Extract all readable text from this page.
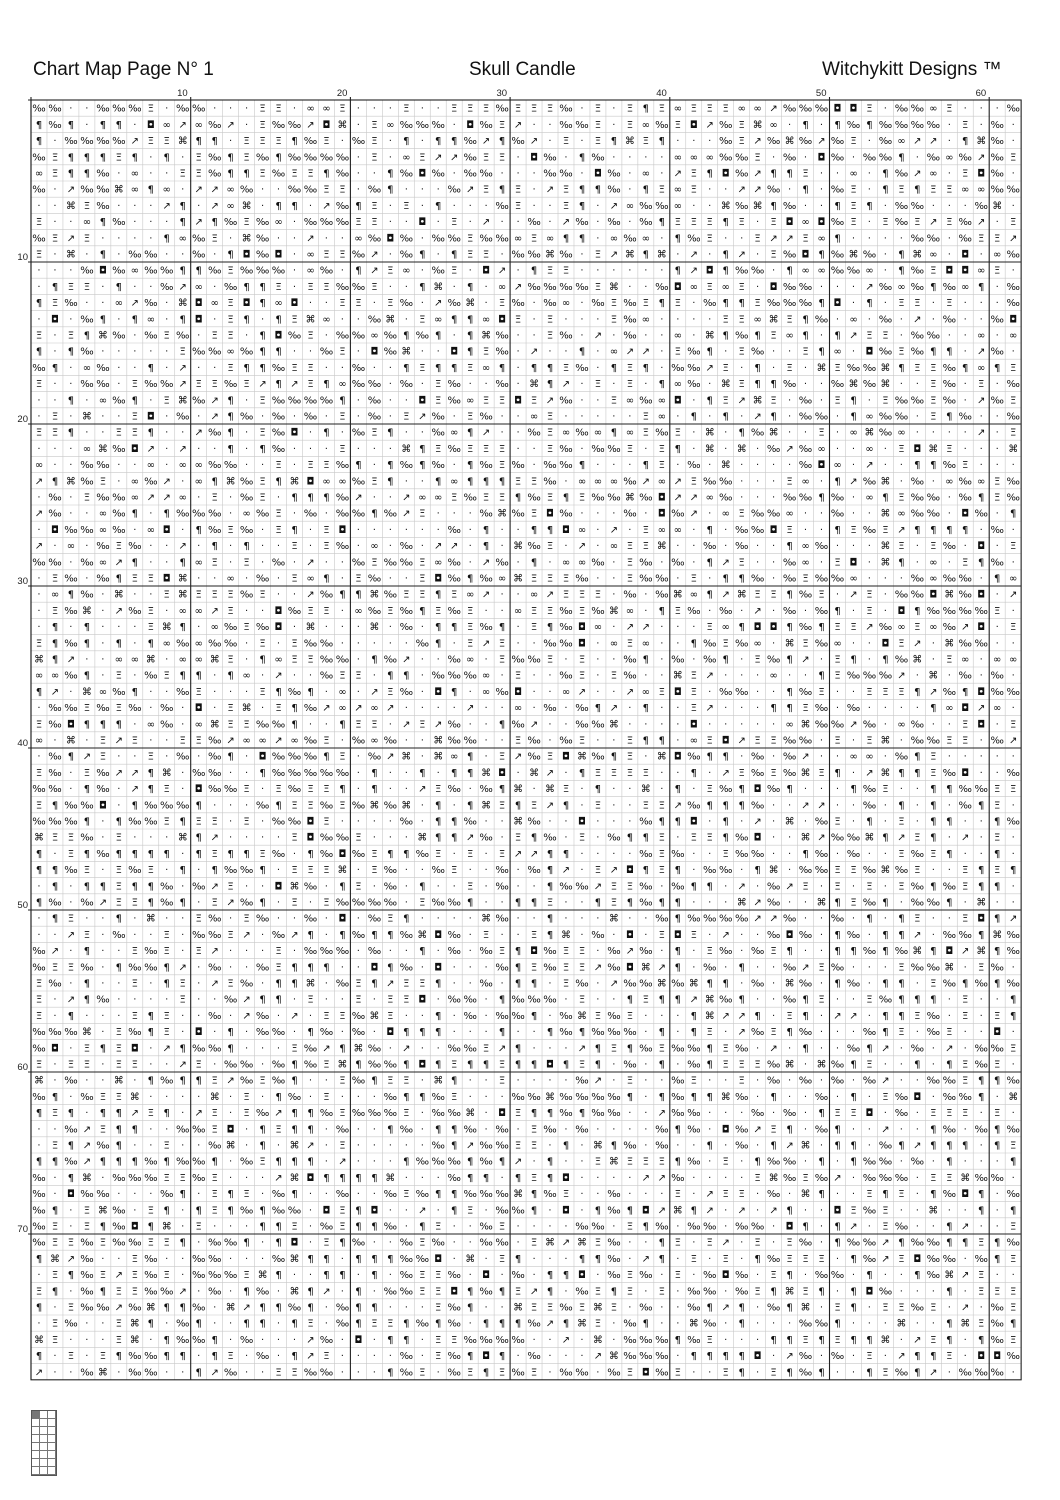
Chart Map Page N° 1	Skull Candle	Witchykitt Designs ™
‰ ‰ · · ‰ ‰ ‰ Ξ · ‰ ‰ · · · Ξ Ξ · ∞ ∞ Ξ · · · Ξ · · Ξ Ξ Ξ ‰ Ξ Ξ Ξ ‰ · Ξ · Ξ ¶ Ξ ∞ Ξ Ξ Ξ ∞ ∞ ↗ ‰ ‰ ‰ ◘ ◘ Ξ · ‰ ‰ ∞ Ξ · · · ‰
¶ ‰ ¶ · ¶ ¶ · ◘ ∞ ↗ ∞ ‰ ↗ · Ξ ‰ ‰ ↗ ◘ ⌘ · Ξ ∞ ‰ ‰ ‰ · ◘ ‰ Ξ ↗ · · ‰ ‰ Ξ · Ξ ∞ ‰ Ξ ◘ ↗ ‰ Ξ ⌘ ∞ · ¶ · ¶ ‰ ¶ ‰ ‰ ‰ ‰ · Ξ · ‰ ·
¶ · ‰ ‰ ‰ ‰ ↗ Ξ Ξ ⌘ ¶ ¶ · Ξ Ξ Ξ ¶ ‰ Ξ · ‰ Ξ · ¶ · ¶ ¶ ‰ ↗ ¶ ‰ ↗ · Ξ · Ξ ¶ ⌘ Ξ ¶ · · · ‰ Ξ ↗ ‰ ⌘ ‰ ↗ ‰ Ξ · ‰ ∞ ↗ ↗ · ¶ ⌘ ‰ ·
‰ Ξ ¶ ¶ ¶ Ξ ¶ · ¶ · Ξ ‰ ¶ Ξ ‰ ¶ ‰ ‰ ‰ ‰ · Ξ · ∞ Ξ ↗ ↗ ‰ Ξ Ξ · ◘ ‰ · ¶ ‰ · · · · ∞ ∞ ∞ ‰ ‰ Ξ · ‰ · ◘ ‰ · ‰ ‰ ¶ · ‰ ∞ ‰ ↗ ‰ Ξ
∞ Ξ ¶ ¶ ‰ · ∞ · · Ξ Ξ ‰ ¶ ¶ Ξ ‰ Ξ Ξ ¶ ‰ · · ¶ ‰ ◘ ‰ · ‰ ‰ · · · ‰ ‰ · ◘ ‰ · ∞ · ↗ Ξ ¶ ◘ ‰ ↗ ¶ ¶ Ξ · · ∞ · ¶ ‰ ↗ ∞ · Ξ ◘ ‰ ·
‰ · ↗ ‰ ‰ ⌘ ∞ ¶ ∞ · ↗ ↗ ∞ ‰ · · ‰ ‰ Ξ Ξ · ‰ ¶ · · · ‰ ↗ Ξ ¶ Ξ · ↗ Ξ ¶ ¶ ‰ · ¶ Ξ ∞ Ξ · · ↗ ↗ ‰ · ¶ · ‰ Ξ · ¶ Ξ ¶ Ξ Ξ ∞ ∞ ‰ ‰
· · ⌘ Ξ ‰ · · · ↗ ¶ · ↗ ∞ ⌘ · ¶ ¶ · ↗ ‰ ¶ Ξ · Ξ · ¶ · · · ‰ Ξ · · Ξ ¶ · ↗ ∞ ‰ ‰ ∞ · · ⌘ ‰ ⌘ ¶ ‰ · · ¶ Ξ ¶ · ‰ ‰ · · · ‰ ⌘ ·
Ξ · · ∞ ¶ ‰ · · · ¶ ↗ ¶ ‰ Ξ ‰ ∞ · ‰ ‰ ‰ Ξ Ξ · · ◘ · Ξ · ↗ · · ‰ · ↗ ‰ · ‰ · ‰ ¶ Ξ Ξ Ξ ¶ Ξ · Ξ ◘ ∞ ◘ ‰ Ξ · Ξ ‰ Ξ ↗ Ξ ‰ ↗ · Ξ
‰ Ξ ↗ Ξ · · · · ¶ ∞ ‰ Ξ · ⌘ ‰ · · ↗ · · ∞ ‰ ◘ ‰ · ‰ ‰ Ξ ‰ ‰ ∞ Ξ ∞ ¶ ¶ · ∞ ‰ ∞ · ¶ ‰ Ξ · · Ξ ↗ ↗ Ξ ∞ ¶ · · · · ‰ ‰ · ‰ Ξ Ξ ↗
Ξ · ⌘ · ¶ · ‰ ‰ · · ‰ · ¶ ◘ ‰ ◘ · ∞ Ξ Ξ ‰ ↗ · ‰ ¶ · ¶ Ξ Ξ · ‰ ‰ ⌘ ‰ · Ξ ↗ ⌘ ¶ ⌘ · ↗ · ¶ ↗ · Ξ ‰ ◘ ¶ ‰ ⌘ ‰ · ¶ ⌘ ∞ · ◘ · ∞ ‰
· · · ‰ ◘ ‰ ∞ ‰ ‰ ¶ ¶ ‰ Ξ ‰ ‰ ‰ · ∞ ‰ · ¶ ↗ Ξ ∞ · ‰ Ξ · ◘ ↗ · ¶ Ξ Ξ · · · · · · ¶ ↗ ◘ ¶ ‰ ‰ · ¶ ∞ ∞ ‰ ‰ ∞ · ¶ ‰ Ξ ◘ ◘ ∞ Ξ ·
· ¶ Ξ Ξ · ¶ · · ‰ ↗ ∞ · ‰ ¶ ¶ Ξ · Ξ Ξ ‰ ‰ Ξ · · ¶ ⌘ · ¶ · ∞ ↗ ‰ ‰ ‰ ‰ Ξ ⌘ · · ‰ ◘ ∞ Ξ ∞ Ξ · ◘ ‰ ‰ · · · ↗ ‰ ∞ ‰ ¶ ‰ ∞ ¶ · ‰
¶ Ξ ‰ · · ∞ ↗ ‰ · ⌘ ◘ ∞ Ξ ◘ ¶ ∞ ◘ · · Ξ Ξ · Ξ ‰ · ↗ ‰ ⌘ · Ξ ‰ · ‰ ∞ · ‰ Ξ ‰ Ξ ¶ Ξ · ‰ ¶ ¶ Ξ ‰ ‰ ‰ ¶ ◘ · ¶ · Ξ Ξ · Ξ · · · ‰
· ◘ · ‰ ¶ · ¶ ∞ · ¶ ◘ · Ξ ¶ · ¶ Ξ ⌘ ∞ · · ‰ ⌘ · Ξ ∞ ¶ ¶ ∞ ◘ Ξ · Ξ · · · Ξ ‰ ∞ · · · · Ξ Ξ ∞ ⌘ Ξ ¶ ‰ · ∞ · ‰ · ↗ · ‰ · · ‰ ◘
Ξ · Ξ ¶ ⌘ ‰ · ‰ Ξ ‰ · Ξ Ξ · ¶ ◘ ‰ Ξ · ‰ ‰ ∞ ‰ ¶ ‰ ¶ · ¶ ⌘ ‰ · · Ξ ‰ · ↗ · ‰ · · ∞ · ⌘ ¶ ‰ ¶ Ξ ∞ ¶ · ¶ ↗ Ξ Ξ · ‰ ‰ · · ∞ · ∞
¶ · ¶ ‰ · · · · · Ξ ‰ ‰ ∞ ‰ ¶ ¶ · · ‰ Ξ · ◘ ‰ ⌘ · · ◘ ¶ Ξ ‰ · ↗ · · ¶ · ∞ ↗ ↗ · Ξ ‰ ¶ · Ξ ‰ · · Ξ ¶ ∞ · ◘ ‰ Ξ ‰ ¶ ¶ · ↗ ‰ ·
‰ ¶ · ∞ ‰ · · ¶ · ↗ · · Ξ ¶ ¶ ‰ Ξ Ξ · · ‰ · · ¶ Ξ ¶ ¶ Ξ ∞ ¶ · ¶ ¶ Ξ ‰ · ¶ Ξ ¶ · ‰ ‰ ↗ Ξ · ¶ · Ξ · ⌘ Ξ ‰ ‰ ⌘ ¶ Ξ Ξ ‰ ¶ ∞ ¶ Ξ
Ξ · · ‰ ‰ · Ξ ‰ ‰ ↗ Ξ Ξ ‰ Ξ ↗ ¶ ↗ Ξ ¶ ∞ ‰ ‰ · ‰ · Ξ ‰ · · ‰ · ⌘ ¶ ↗ · Ξ · Ξ · ¶ ∞ ‰ · ⌘ Ξ ¶ ¶ ‰ · · ‰ ⌘ ‰ ⌘ · · Ξ ‰ · Ξ · ‰
· · ¶ · ∞ ‰ ¶ · Ξ ⌘ ‰ ↗ ¶ · Ξ ‰ ‰ ‰ ‰ ¶ · ‰ · · ◘ Ξ ‰ ∞ Ξ Ξ ◘ Ξ ↗ ‰ · · Ξ ∞ ‰ ∞ ◘ · ¶ Ξ ↗ ⌘ Ξ · ‰ · Ξ ¶ · Ξ ‰ ‰ Ξ ‰ · ↗ ‰ Ξ
· Ξ · ⌘ · · Ξ ◘ · ‰ · ↗ ¶ ‰ · ‰ · ‰ · Ξ · ‰ · Ξ ↗ ‰ · Ξ ‰ · · ∞ Ξ · · · · · Ξ ∞ · ¶ · ¶ · ↗ ¶ · ‰ ‰ · ¶ ∞ ‰ ‰ · Ξ ¶ ‰ · · ‰
Ξ Ξ ¶ · · Ξ Ξ ¶ · · ↗ ‰ ¶ · Ξ ‰ ◘ · ¶ · ‰ Ξ ¶ · · ‰ ∞ ¶ ↗ · · ‰ Ξ ∞ ‰ ∞ ¶ ∞ Ξ ‰ Ξ · ⌘ · ¶ ‰ ⌘ · · Ξ · ∞ ⌘ ‰ ∞ · · · · ↗ · Ξ
· · · ∞ ⌘ ‰ ◘ ↗ · ↗ · · ¶ · ¶ ‰ · · · Ξ · · · ⌘ ¶ Ξ ‰ Ξ Ξ Ξ · · Ξ ‰ · ‰ ‰ Ξ · Ξ ¶ · ⌘ · ⌘ · ‰ ↗ ‰ ∞ · · ∞ · Ξ ◘ ⌘ Ξ · · · ⌘
∞ · · ‰ ‰ · · ∞ · ∞ ∞ ‰ ‰ · · Ξ · Ξ Ξ ‰ ¶ · ¶ ‰ ¶ ‰ · ¶ ‰ Ξ ‰ · ‰ ‰ ¶ · · · ¶ Ξ · ‰ · ⌘ · · · · ‰ ◘ ∞ · ↗ · · ¶ ¶ ‰ Ξ · · ·
↗ ¶ ⌘ ‰ Ξ · ∞ ‰ ↗ · ∞ ¶ ⌘ ‰ Ξ ¶ ⌘ ◘ ∞ ∞ ‰ Ξ ¶ · · ¶ ∞ ¶ ¶ ¶ Ξ Ξ ‰ · ∞ ∞ ∞ ‰ ↗ ∞ ↗ Ξ ‰ ‰ · · · Ξ ∞ · ¶ ↗ ‰ ⌘ · ‰ · ∞ ‰ ∞ Ξ ‰
· ‰ · Ξ ‰ ‰ ∞ ↗ ↗ ∞ · Ξ · ‰ Ξ · ¶ ¶ ¶ ‰ ↗ · · ↗ ∞ ∞ Ξ ‰ Ξ Ξ ¶ ‰ Ξ ¶ Ξ ‰ ‰ ⌘ ‰ ◘ ↗ ↗ ∞ ‰ · · · ‰ ‰ ¶ ‰ · ∞ ¶ Ξ ‰ ‰ · ‰ ¶ Ξ ‰
↗ ‰ · · ∞ ‰ ¶ · ¶ ‰ ‰ ‰ · ∞ ‰ Ξ · ‰ · ‰ ‰ ¶ ‰ ↗ Ξ · · · ‰ ⌘ ‰ Ξ ◘ ‰ · · · ‰ · ◘ ‰ ↗ · ∞ Ξ ‰ ‰ ∞ · · ‰ · · ⌘ ∞ ‰ ‰ · ◘ ‰ · ¶
· ◘ ‰ ‰ ∞ ‰ · ∞ ◘ · ¶ ‰ Ξ ‰ · Ξ ¶ · Ξ ◘ · · · · · · ‰ · ¶ · · ¶ ¶ ◘ ∞ · ↗ · Ξ ∞ ∞ · ¶ · ‰ ‰ ◘ Ξ · · ¶ Ξ ‰ Ξ ↗ ¶ ¶ ¶ ¶ · ‰ ·
↗ · ∞ · ‰ Ξ ‰ · · ↗ · ¶ · ¶ · · Ξ · Ξ ‰ · ∞ · ‰ · ↗ ↗ · ¶ · ⌘ ‰ Ξ · ↗ · ∞ Ξ Ξ ⌘ · · ‰ · ‰ · · ¶ ∞ ‰ · · · ⌘ Ξ · Ξ ‰ · ◘ · Ξ
‰ ‰ · ‰ ∞ ↗ ¶ · · ¶ ∞ Ξ · Ξ · ‰ · ↗ · · ‰ Ξ ‰ ‰ Ξ ∞ ‰ · ↗ ‰ · ¶ · ∞ ∞ ‰ · Ξ ‰ · ‰ · ¶ ↗ Ξ · · ‰ ∞ · Ξ ◘ · ⌘ ¶ · ∞ · Ξ ¶ ‰ ·
· Ξ ‰ · ‰ ¶ Ξ Ξ ◘ ⌘ · · ∞ · ‰ · Ξ ∞ ¶ · Ξ ‰ · · Ξ ◘ ‰ ¶ ‰ ∞ ⌘ Ξ Ξ Ξ ‰ · · Ξ ‰ ‰ · Ξ · ¶ ¶ ‰ · ‰ Ξ ‰ ‰ ∞ · · · ‰ ∞ ‰ ‰ · ¶ ∞
· ∞ ¶ ‰ · ⌘ · · Ξ ⌘ Ξ Ξ Ξ ‰ Ξ · · ↗ ‰ ¶ ¶ ⌘ ‰ Ξ Ξ ¶ Ξ ∞ ↗ · · ∞ ↗ Ξ Ξ Ξ · ‰ · ‰ ⌘ ∞ ¶ ↗ ⌘ Ξ Ξ ¶ ‰ Ξ · ↗ Ξ · ‰ ‰ ◘ ⌘ ‰ ◘ · ↗
· Ξ ‰ ⌘ · ↗ ‰ Ξ · ∞ ∞ ↗ Ξ · · ◘ ‰ Ξ Ξ · ∞ ‰ Ξ ‰ ¶ Ξ ‰ Ξ · · ∞ Ξ Ξ ‰ Ξ ‰ ⌘ ∞ · ¶ Ξ ‰ · ‰ · ↗ · ‰ · ‰ ¶ · Ξ · ◘ ¶ ‰ ‰ ‰ ‰ Ξ ·
· ¶ · ¶ · · · Ξ ⌘ ¶ · ∞ ‰ Ξ ‰ ◘ · ⌘ · · · ⌘ · ‰ · ¶ ¶ Ξ ‰ ¶ · Ξ ¶ ‰ ◘ ∞ · ↗ ↗ · · · Ξ ∞ ¶ ◘ ◘ ¶ ‰ ¶ Ξ Ξ ↗ ‰ ∞ Ξ ∞ ‰ ↗ ◘ · Ξ
Ξ ¶ ‰ ¶ · ¶ · ¶ ∞ ‰ ∞ ‰ ‰ · Ξ · Ξ ‰ ‰ · · · · · ‰ ¶ · Ξ ↗ Ξ · · ‰ ‰ ◘ · ∞ Ξ ∞ · · ¶ ‰ Ξ ‰ ∞ · ⌘ Ξ ‰ ∞ · · ◘ Ξ ↗ · ⌘ ‰ ‰ · ·
⌘ ¶ ↗ · · ∞ ∞ ⌘ · ∞ ∞ ⌘ Ξ · ¶ ∞ Ξ Ξ ‰ ‰ · ¶ ‰ ↗ · · ‰ ∞ · Ξ ‰ ‰ Ξ · Ξ · · ‰ ¶ · ‰ · ‰ ¶ · Ξ ‰ ¶ ↗ · Ξ ¶ · ¶ ‰ ⌘ · Ξ ∞ · ∞ ∞
∞ ∞ ‰ ¶ · Ξ · ‰ Ξ ¶ ¶ · ¶ ∞ · ↗ · · ‰ Ξ Ξ · ¶ ¶ · ‰ ‰ ‰ ∞ · Ξ · · ‰ Ξ · Ξ ‰ · · ⌘ Ξ ↗ · · · ∞ · · ¶ Ξ ‰ ‰ ‰ ↗ · ⌘ · ‰ · ‰ ·
¶ ↗ · ⌘ ∞ ‰ ¶ · · ‰ Ξ · · · Ξ ¶ ‰ ¶ · ∞ · ↗ Ξ ‰ · ◘ ¶ · ∞ ‰ ◘ · · ∞ ↗ · · ↗ ∞ Ξ ◘ Ξ · ‰ ‰ · · ¶ ‰ Ξ · · Ξ Ξ Ξ ¶ ↗ ‰ ¶ ◘ ‰ ‰
· ‰ ‰ Ξ ‰ Ξ ‰ · ‰ · ◘ · Ξ ⌘ · Ξ ¶ ‰ ↗ ∞ ↗ ∞ ↗ · · · · ↗ · · ∞ · ‰ · ‰ ¶ ↗ · ¶ · · Ξ ↗ · · · ¶ ¶ Ξ ‰ · ‰ · · · · ¶ ∞ ◘ ↗ ∞ ·
Ξ ‰ ◘ ¶ ¶ ¶ · ∞ ‰ · ∞ ⌘ Ξ Ξ ‰ ‰ ¶ · · ¶ Ξ Ξ · ↗ Ξ ↗ ‰ · · ¶ ‰ ↗ · · ‰ ‰ ⌘ · · · · ◘ · · · · · ∞ ⌘ ‰ ‰ ↗ ‰ · ∞ ‰ · · Ξ ◘ · Ξ
∞ · ⌘ · Ξ ↗ Ξ · · Ξ Ξ ‰ ↗ ∞ ∞ ↗ ∞ ‰ Ξ · ‰ ∞ ‰ · · ⌘ ‰ ‰ · · Ξ ‰ · ‰ Ξ · · Ξ ¶ ¶ · ∞ Ξ ◘ ↗ Ξ Ξ ‰ ‰ · Ξ · Ξ ⌘ · ‰ ‰ Ξ Ξ · ‰ ↗
· ‰ ¶ ↗ Ξ · · Ξ · ‰ · ‰ ¶ · ◘ ‰ ‰ ‰ ¶ Ξ · ‰ ↗ ⌘ · ⌘ ∞ ¶ · Ξ ↗ ‰ Ξ ◘ ⌘ ‰ ¶ Ξ · ⌘ ◘ ‰ ¶ ¶ · ‰ · ‰ ↗ · · ∞ ∞ · ‰ ¶ Ξ · · · · ·
Ξ ‰ · Ξ ‰ ↗ ↗ ¶ ⌘ · ‰ ‰ · · ¶ ‰ ‰ ‰ ‰ ‰ · ¶ · · ¶ · ¶ ¶ ⌘ ◘ · ⌘ ↗ · ¶ Ξ Ξ Ξ Ξ · · ¶ · ↗ Ξ ‰ Ξ ‰ ⌘ Ξ ¶ · ↗ ⌘ ¶ ¶ Ξ ‰ ◘ · · ‰
‰ ‰ · ¶ ‰ · ↗ ¶ Ξ · ◘ ‰ ‰ Ξ · Ξ ‰ Ξ Ξ ¶ · ¶ · · ↗ Ξ ‰ · ‰ ¶ ⌘ · ⌘ Ξ · ¶ · · ⌘ · ¶ · Ξ ‰ ¶ ◘ ‰ ¶ · · · ¶ ‰ Ξ · · ¶ ¶ ‰ ‰ Ξ Ξ
Ξ ¶ ‰ ‰ ◘ · ¶ ‰ ‰ ‰ ¶ · · · ‰ ¶ Ξ Ξ ‰ Ξ ‰ ⌘ ‰ ⌘ · ¶ · ¶ ⌘ Ξ ¶ Ξ ↗ ¶ · Ξ · · Ξ Ξ ↗ ‰ ¶ ¶ ¶ ‰ · · ↗ ↗ · · ‰ · ¶ · ¶ · ‰ ¶ Ξ ·
‰ ‰ ‰ ¶ · ¶ ‰ ‰ Ξ ¶ Ξ Ξ · Ξ · ‰ ‰ ◘ Ξ · · · · ‰ · ¶ ¶ ‰ · · ⌘ ‰ · · ◘ · · · ‰ ¶ ¶ ◘ · ¶ · ↗ · ⌘ · ‰ Ξ · ¶ · Ξ · ¶ ¶ · · ¶ ‰
⌘ Ξ Ξ ‰ · Ξ · · · ⌘ ¶ ↗ · · · · Ξ ◘ ‰ ‰ Ξ · · · ⌘ ¶ ¶ ↗ ‰ · Ξ ¶ ‰ · Ξ · ‰ ¶ ¶ Ξ · Ξ Ξ ¶ ‰ ◘ · · ⌘ ↗ ‰ ‰ ⌘ ¶ ↗ Ξ ¶ · ↗ · Ξ ·
¶ · Ξ ¶ ‰ ¶ ¶ ¶ ¶ · ¶ Ξ ¶ ¶ Ξ ‰ · ¶ ‰ ◘ ‰ Ξ ¶ ¶ ‰ Ξ · Ξ · Ξ ↗ ↗ ¶ ¶ · · · · ‰ Ξ ‰ · · Ξ ‰ ‰ · · ¶ ‰ · ‰ · · Ξ ‰ Ξ ¶ · · ¶ ·
¶ ¶ ‰ Ξ · Ξ ‰ Ξ · ¶ · ¶ ‰ ‰ ¶ · Ξ Ξ Ξ ⌘ · Ξ ‰ · · ‰ Ξ · · ‰ · ‰ ¶ ↗ · Ξ ↗ ◘ ¶ Ξ ¶ · ‰ ‰ · ¶ ⌘ · ‰ ‰ Ξ Ξ ‰ ⌘ ‰ Ξ · · Ξ ¶ Ξ ¶
· ¶ · ¶ ¶ Ξ ¶ ¶ ‰ · ‰ ↗ Ξ · · ◘ ⌘ ‰ · ¶ Ξ · ‰ · ¶ · · Ξ · ‰ · · ¶ ‰ ‰ ↗ Ξ Ξ ‰ · ‰ ¶ ¶ · ↗ · ‰ ↗ Ξ · Ξ · Ξ · Ξ ‰ ¶ ‰ Ξ ¶ ¶ ·
¶ ‰ · ‰ ↗ Ξ Ξ ¶ ‰ ¶ · Ξ ↗ ‰ ¶ · Ξ · Ξ ‰ ‰ ‰ ‰ · Ξ ‰ ‰ ¶ · · ¶ ¶ Ξ · · ¶ Ξ ¶ ‰ ¶ ¶ · · · ⌘ ↗ ‰ · · ⌘ ¶ Ξ ‰ ¶ · ‰ ‰ ¶ · ⌘ · ·
· ¶ Ξ · · ¶ · ⌘ · · Ξ ‰ · Ξ ‰ · · ‰ · ◘ · ‰ Ξ ¶ · · · · ⌘ ‰ · · ¶ · · · ⌘ · · ‰ ¶ ‰ ‰ ‰ ‰ ↗ ↗ ‰ · · ‰ · ¶ · ¶ Ξ · · Ξ ◘ ¶ ↗
· · ↗ Ξ · ‰ · · Ξ · ‰ ‰ Ξ ↗ · ‰ ↗ ¶ · ¶ ‰ ¶ ¶ ‰ ⌘ ◘ ‰ · Ξ · · Ξ ¶ ⌘ · ‰ · ◘ · Ξ ◘ Ξ · ↗ · · ‰ ◘ ‰ · ¶ ‰ · ¶ ¶ ↗ · ‰ ‰ ¶ ⌘ ‰
‰ ↗ · ¶ · · Ξ ‰ Ξ · Ξ ↗ · · · Ξ · ‰ ‰ ‰ · ‰ · · ¶ · ‰ · ‰ Ξ ¶ ◘ ‰ Ξ Ξ · ‰ ↗ ‰ · ¶ · Ξ ‰ · ‰ Ξ ¶ · · ¶ ¶ ‰ ¶ ‰ ⌘ ¶ ◘ ↗ ⌘ ¶ ‰
‰ Ξ Ξ ‰ · ¶ ‰ ‰ ¶ ↗ · ‰ · · ‰ Ξ ¶ ¶ ¶ · · ◘ ¶ ‰ · ◘ · · · ‰ ¶ Ξ ‰ Ξ Ξ ↗ ‰ ◘ ⌘ ↗ ¶ · ‰ · ¶ · · ‰ ↗ Ξ ‰ · · · Ξ ‰ ‰ ⌘ · Ξ ‰ ·
Ξ ‰ · ¶ · · Ξ · ¶ Ξ · ↗ Ξ ‰ · ¶ ¶ ⌘ · ‰ Ξ ¶ ↗ Ξ Ξ ¶ · · ‰ · ¶ ¶ · Ξ ‰ · ↗ ‰ ‰ ⌘ ‰ ⌘ ¶ ¶ · ‰ · ⌘ ‰ · ¶ ‰ · ¶ ¶ · Ξ ‰ ¶ ‰ ¶ ‰
Ξ · ↗ ¶ ‰ · · · · Ξ · · ‰ ↗ ¶ ¶ · Ξ · · Ξ · Ξ Ξ ◘ · ‰ ‰ · ¶ ‰ ‰ ‰ · Ξ · · ¶ Ξ ¶ ¶ ↗ ⌘ ‰ ¶ · · ‰ ¶ Ξ · · Ξ ‰ ¶ ¶ ¶ · Ξ · · ¶
Ξ · ¶ · · · Ξ ¶ Ξ · · ‰ · ↗ ‰ · ↗ · Ξ Ξ ‰ ⌘ Ξ · · ¶ · ‰ · ‰ ‰ ¶ · ‰ ⌘ Ξ ‰ Ξ · · · ¶ ⌘ ↗ ↗ ¶ · Ξ ¶ · ↗ ↗ · ¶ ¶ Ξ ‰ · Ξ · Ξ ¶
‰ ‰ ‰ ⌘ · Ξ ‰ ¶ Ξ · ◘ · ¶ · ‰ ‰ · ¶ ‰ · ‰ · ◘ ¶ ¶ ¶ · · · ¶ · · ¶ ‰ ¶ ‰ ‰ ‰ · ¶ · ¶ Ξ · ↗ ‰ Ξ ¶ ‰ · · · ‰ ¶ Ξ · ‰ Ξ · · ◘ ·
‰ ◘ · Ξ ¶ Ξ ◘ · ↗ ¶ ‰ ‰ ¶ · · · Ξ ‰ ↗ ¶ ⌘ ‰ · ↗ · · ‰ ‰ Ξ ↗ ¶ · · · ↗ ¶ Ξ ¶ ‰ Ξ ‰ ‰ ¶ Ξ ‰ · ↗ · ¶ · · ‰ ¶ ↗ · ‰ · ↗ · ‰ ‰ Ξ
Ξ · Ξ Ξ · Ξ Ξ · · ↗ Ξ · ‰ ‰ · ‰ ¶ ‰ Ξ ⌘ ¶ ‰ ‰ ¶ ◘ ¶ Ξ ¶ ¶ Ξ ¶ ¶ ◘ ¶ Ξ ¶ · ‰ · ¶ · ‰ ¶ Ξ Ξ Ξ ‰ ⌘ · ⌘ ‰ ¶ Ξ · · ¶ · ¶ Ξ ‰ Ξ ·
⌘ · ‰ · · ⌘ · ¶ ‰ ¶ ¶ Ξ ↗ ‰ Ξ ‰ ¶ · · Ξ ‰ ¶ Ξ Ξ · ⌘ ¶ · · Ξ · · · · ‰ ↗ · Ξ · · ‰ Ξ · · Ξ · ‰ · ‰ · ‰ · ‰ ↗ · · ‰ ‰ Ξ ¶ ¶ ‰
‰ ¶ · ‰ Ξ Ξ ⌘ · · · · ⌘ · Ξ · ¶ ‰ · Ξ · · · ‰ ¶ ¶ ‰ Ξ · · · ‰ ‰ ⌘ ‰ ‰ ‰ ‰ ¶ · ¶ ‰ ¶ ¶ ⌘ ‰ · ¶ · · ‰ · ¶ · Ξ ‰ ◘ · ‰ ‰ ¶ · ⌘
¶ Ξ ¶ · ¶ ¶ ↗ Ξ ¶ · ↗ Ξ · Ξ ‰ ↗ ¶ ¶ ‰ Ξ ‰ ‰ ‰ Ξ · ‰ ‰ ⌘ · ◘ Ξ ¶ ¶ ‰ ¶ ‰ ‰ · · ↗ ‰ ‰ · · · ‰ · ‰ · ¶ Ξ Ξ ◘ · ‰ · Ξ Ξ Ξ · Ξ ·
· · ‰ ↗ Ξ ¶ ¶ · · ‰ ‰ Ξ ◘ · ¶ Ξ ¶ ¶ · ‰ · · ¶ ‰ · ¶ ¶ ‰ · ‰ · Ξ ‰ · ‰ · · · · ‰ ¶ ‰ · ◘ ‰ ↗ Ξ ¶ · ‰ ¶ · · ↗ · · ¶ ‰ · ‰ ¶ ‰
· Ξ ¶ ↗ ‰ ¶ · · Ξ · · ‰ ⌘ · ¶ · ⌘ ↗ · Ξ · · · · · ‰ ¶ ↗ ‰ ‰ Ξ Ξ · ¶ · ⌘ ¶ ‰ · ‰ · · ¶ · ‰ · ¶ ↗ ⌘ · ¶ ¶ · ‰ ¶ ↗ ¶ ¶ ¶ · ¶ Ξ
¶ ¶ ‰ ↗ ¶ ¶ ¶ ‰ ¶ ‰ ‰ ¶ · ‰ Ξ ¶ ¶ ¶ · ↗ · · · ¶ ‰ ‰ ‰ ¶ ‰ ¶ ↗ · ¶ · · Ξ ⌘ Ξ Ξ Ξ ¶ ‰ · Ξ · ¶ ‰ ‰ · ¶ · ¶ ‰ ‰ · ‰ · ¶ · · · ¶
‰ · ¶ ⌘ · ‰ ‰ ‰ Ξ Ξ ‰ Ξ · · · ↗ ⌘ ◘ ¶ ¶ ¶ ¶ ⌘ · · · ‰ ¶ ¶ · ¶ Ξ ¶ ◘ · · · · ↗ ↗ ‰ · · · · Ξ ⌘ ‰ Ξ ‰ ↗ · ‰ ‰ ‰ · Ξ Ξ ⌘ ‰ ‰ ·
‰ · ◘ ‰ ‰ · · · ‰ ¶ · Ξ ¶ Ξ · ‰ ¶ · · ‰ · · ‰ Ξ ‰ ¶ ¶ ‰ ‰ ‰ ⌘ ¶ ‰ Ξ · · ‰ · · · Ξ · ↗ Ξ Ξ · ‰ · ⌘ ¶ · · Ξ ¶ Ξ · ¶ ‰ ◘ ¶ · ‰
‰ ¶ · Ξ ⌘ ‰ · Ξ ¶ · ¶ Ξ ¶ ‰ ¶ ‰ ‰ · ◘ Ξ ¶ ◘ · · ↗ · ¶ Ξ · ‰ ‰ ¶ · ◘ · ¶ ‰ ¶ ◘ ↗ ⌘ ¶ ↗ · ↗ · ↗ ¶ · · ◘ Ξ ‰ Ξ · · ⌘ · · ¶ · ¶
‰ Ξ · Ξ ¶ ‰ ◘ ¶ ⌘ · Ξ · · · ¶ ¶ Ξ · ‰ Ξ ¶ ¶ ‰ · ¶ Ξ · · ‰ Ξ · · · · ‰ ‰ · Ξ ¶ ‰ · ‰ ‰ · ‰ ‰ · ◘ ¶ · ¶ ↗ · Ξ ‰ · · ¶ ↗ · · Ξ
‰ Ξ Ξ ‰ Ξ ‰ ‰ Ξ Ξ ¶ · ‰ ‰ ¶ · ¶ ◘ · Ξ ¶ ‰ · · ‰ Ξ ‰ · · ‰ ‰ · Ξ ⌘ ↗ ⌘ Ξ ‰ · · ¶ Ξ · Ξ ↗ · Ξ · Ξ ‰ · ¶ ‰ ‰ ↗ ¶ ‰ ‰ ¶ ¶ Ξ ¶ ‰
¶ ⌘ ↗ ‰ · · Ξ ‰ · · ‰ ‰ · · · ‰ ⌘ ¶ ¶ · ¶ ¶ ¶ ‰ ‰ ◘ · ⌘ · Ξ ¶ · · · ¶ ¶ ‰ · ↗ ¶ · Ξ · Ξ · ¶ ‰ Ξ Ξ Ξ · ¶ ‰ ↗ Ξ ◘ ‰ ‰ · ‰ ¶ Ξ
· Ξ ¶ ‰ Ξ ↗ Ξ ‰ Ξ · ‰ ‰ ‰ Ξ ⌘ ¶ · · ¶ ¶ · ¶ · ‰ Ξ Ξ ‰ · ◘ · ‰ · ¶ ¶ ◘ · ‰ Ξ ‰ · Ξ · ‰ ◘ ‰ · Ξ ¶ · ‰ ‰ · ¶ · · ¶ ‰ ⌘ ↗ Ξ · ·
Ξ ¶ · ‰ ¶ Ξ Ξ ‰ ‰ ↗ · ‰ · ¶ ‰ · ⌘ ¶ ↗ · ¶ · ‰ ‰ Ξ Ξ ◘ ¶ ‰ ¶ Ξ ↗ ¶ · ‰ Ξ ¶ Ξ · Ξ · ‰ ‰ · ‰ Ξ ¶ ⌘ Ξ ¶ · ¶ ◘ ‰ · · · ¶ · Ξ Ξ Ξ
¶ · Ξ ‰ ‰ ↗ ‰ ⌘ ¶ ¶ ‰ · ⌘ ↗ ¶ ¶ ‰ ¶ · ‰ ¶ ¶ · · · Ξ ‰ ¶ · · ⌘ Ξ Ξ ‰ Ξ ⌘ Ξ · ‰ · · ‰ ¶ ↗ ¶ · ‰ ¶ ⌘ · Ξ ¶ · Ξ Ξ ‰ Ξ · ↗ · ‰ Ξ
· Ξ ‰ · · Ξ ⌘ ¶ · ‰ ¶ · · ¶ ¶ · ¶ Ξ · ‰ ¶ Ξ Ξ ¶ ‰ ¶ ‰ · ¶ ¶ ¶ ‰ ↗ ¶ ⌘ Ξ · ‰ ¶ · · ⌘ ‰ · ¶ · · · ‰ ‰ ¶ · · · ⌘ · · ¶ ⌘ Ξ ‰ ¶
⌘ Ξ · · · Ξ ⌘ · ¶ ‰ ‰ ¶ · ‰ · · · ↗ ‰ · ◘ · ¶ ¶ · Ξ Ξ ‰ ‰ ‰ ‰ · · ↗ · ⌘ · ‰ ‰ ‰ ¶ ‰ Ξ · · · ¶ ¶ Ξ ¶ Ξ ¶ ¶ ⌘ · ↗ Ξ ¶ · ¶ ‰ Ξ
¶ · Ξ · Ξ ¶ ‰ ‰ ¶ ¶ · ¶ Ξ · ‰ · ¶ ↗ Ξ · · · · ‰ · Ξ ‰ ¶ ◘ ¶ · ‰ · · · ↗ ⌘ ‰ ‰ ‰ · ¶ ¶ ¶ ¶ ◘ · ↗ ‰ · ‰ · Ξ · ↗ ¶ ¶ Ξ · ◘ ◘ ‰
↗ · · ‰ ⌘ · ‰ ‰ · · ¶ ↗ ‰ · · Ξ Ξ ‰ ‰ · · · ¶ ‰ Ξ · ‰ Ξ ¶ Ξ ‰ Ξ · ‰ ‰ · ‰ Ξ ◘ ‰ Ξ · · Ξ ¶ · Ξ ¶ ‰ ¶ · · ¶ Ξ ‰ ¶ ↗ · ‰ ‰ ‰ ·
10	20	30	40	50	60
10
20
30
40
50
60
70
